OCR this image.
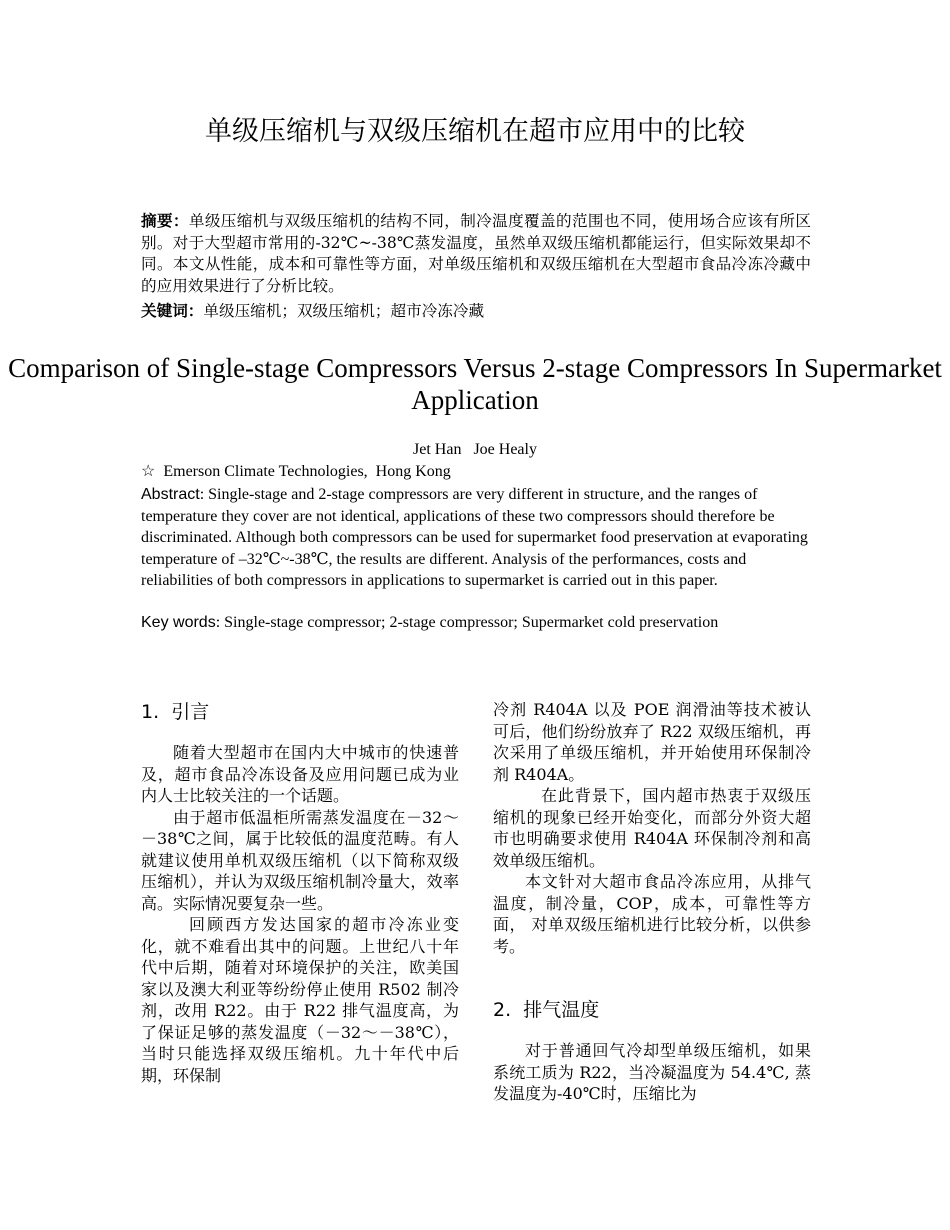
单级压缩机与双级压缩机在超市应用中的比较
摘要：单级压缩机与双级压缩机的结构不同，制冷温度覆盖的范围也不同，使用场合应该有所区别。对于大型超市常用的-32℃~-38℃蒸发温度，虽然单双级压缩机都能运行，但实际效果却不同。本文从性能，成本和可靠性等方面，对单级压缩机和双级压缩机在大型超市食品冷冻冷藏中的应用效果进行了分析比较。
关键词：单级压缩机；双级压缩机；超市冷冻冷藏
Comparison of Single-stage Compressors Versus 2-stage Compressors In Supermarket Application
Jet Han   Joe Healy
☆  Emerson Climate Technologies,  Hong Kong
Abstract: Single-stage and 2-stage compressors are very different in structure, and the ranges of temperature they cover are not identical, applications of these two compressors should therefore be discriminated. Although both compressors can be used for supermarket food preservation at evaporating temperature of –32℃~-38℃, the results are different. Analysis of the performances, costs and reliabilities of both compressors in applications to supermarket is carried out in this paper.
Key words: Single-stage compressor; 2-stage compressor; Supermarket cold preservation
1.  引言

随着大型超市在国内大中城市的快速普及，超市食品冷冻设备及应用问题已成为业内人士比较关注的一个话题。

由于超市低温柜所需蒸发温度在－32～－38℃之间，属于比较低的温度范畴。有人就建议使用单机双级压缩机（以下简称双级压缩机），并认为双级压缩机制冷量大，效率高。实际情况要复杂一些。

回顾西方发达国家的超市冷冻业变化，就不难看出其中的问题。上世纪八十年代中后期，随着对环境保护的关注，欧美国家以及澳大利亚等纷纷停止使用 R502 制冷剂，改用 R22。由于 R22 排气温度高，为了保证足够的蒸发温度（－32～－38℃），当时只能选择双级压缩机。九十年代中后期，环保制

冷剂 R404A 以及 POE 润滑油等技术被认可后，他们纷纷放弃了 R22 双级压缩机，再次采用了单级压缩机，并开始使用环保制冷剂 R404A。

在此背景下，国内超市热衷于双级压缩机的现象已经开始变化，而部分外资大超市也明确要求使用 R404A 环保制冷剂和高效单级压缩机。

本文针对大超市食品冷冻应用，从排气温度，制冷量，COP，成本，可靠性等方面， 对单双级压缩机进行比较分析，以供参考。

2.  排气温度

对于普通回气冷却型单级压缩机，如果系统工质为 R22，当冷凝温度为 54.4℃, 蒸发温度为-40℃时，压缩比为
